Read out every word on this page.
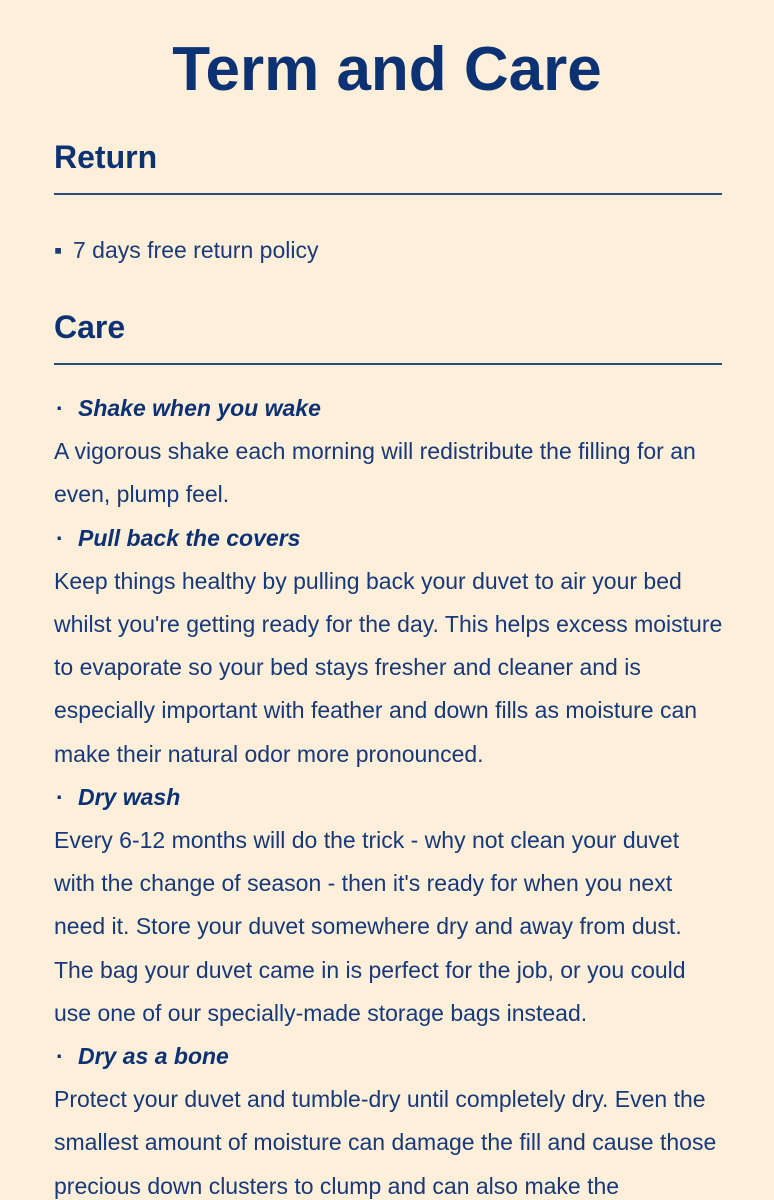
Term and Care
Return
▪ 7 days free return policy
Care
· Shake when you wake

A vigorous shake each morning will redistribute the filling for an even, plump feel.

· Pull back the covers

Keep things healthy by pulling back your duvet to air your bed whilst you're getting ready for the day. This helps excess moisture to evaporate so your bed stays fresher and cleaner and is especially important with feather and down fills as moisture can make their natural odor more pronounced.

· Dry wash

Every 6-12 months will do the trick - why not clean your duvet with the change of season - then it's ready for when you next need it. Store your duvet somewhere dry and away from dust. The bag your duvet came in is perfect for the job, or you could use one of our specially-made storage bags instead.

· Dry as a bone

Protect your duvet and tumble-dry until completely dry. Even the smallest amount of moisture can damage the fill and cause those precious down clusters to clump and can also make the
